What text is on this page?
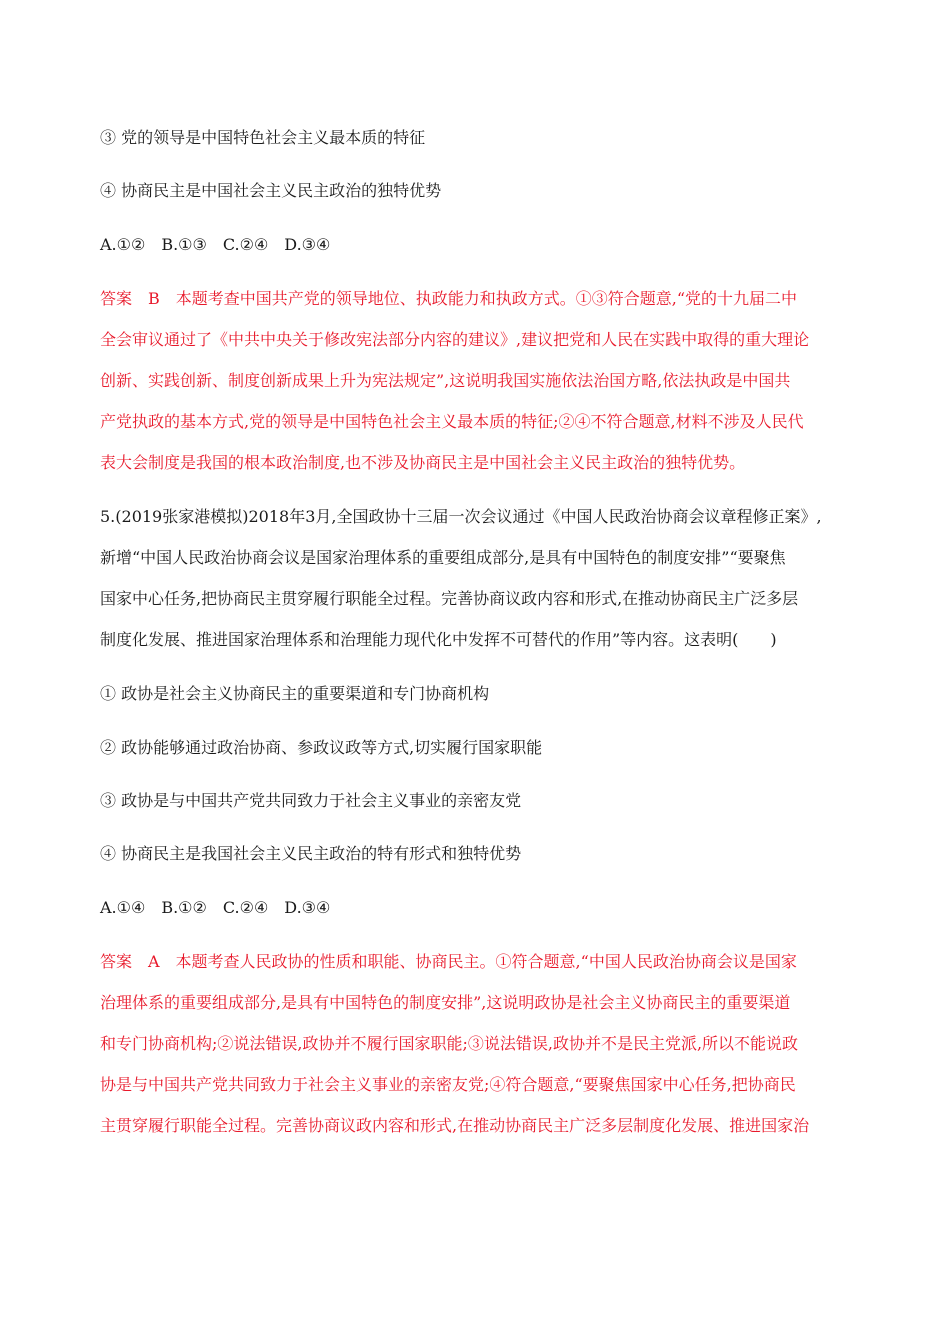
③ 党的领导是中国特色社会主义最本质的特征

④ 协商民主是中国社会主义民主政治的独特优势

A.①②　B.①③　C.②④　D.③④

答案　B　本题考查中国共产党的领导地位、执政能力和执政方式。①③符合题意,“党的十九届二中

全会审议通过了《中共中央关于修改宪法部分内容的建议》,建议把党和人民在实践中取得的重大理论

创新、实践创新、制度创新成果上升为宪法规定”,这说明我国实施依法治国方略,依法执政是中国共

产党执政的基本方式,党的领导是中国特色社会主义最本质的特征;②④不符合题意,材料不涉及人民代

表大会制度是我国的根本政治制度,也不涉及协商民主是中国社会主义民主政治的独特优势。

5.(2019张家港模拟)2018年3月,全国政协十三届一次会议通过《中国人民政治协商会议章程修正案》,

新增“中国人民政治协商会议是国家治理体系的重要组成部分,是具有中国特色的制度安排”“要聚焦

国家中心任务,把协商民主贯穿履行职能全过程。完善协商议政内容和形式,在推动协商民主广泛多层

制度化发展、推进国家治理体系和治理能力现代化中发挥不可替代的作用”等内容。这表明(　　)

① 政协是社会主义协商民主的重要渠道和专门协商机构

② 政协能够通过政治协商、参政议政等方式,切实履行国家职能

③ 政协是与中国共产党共同致力于社会主义事业的亲密友党

④ 协商民主是我国社会主义民主政治的特有形式和独特优势

A.①④　B.①②　C.②④　D.③④

答案　A　本题考查人民政协的性质和职能、协商民主。①符合题意,“中国人民政治协商会议是国家

治理体系的重要组成部分,是具有中国特色的制度安排”,这说明政协是社会主义协商民主的重要渠道

和专门协商机构;②说法错误,政协并不履行国家职能;③说法错误,政协并不是民主党派,所以不能说政

协是与中国共产党共同致力于社会主义事业的亲密友党;④符合题意,“要聚焦国家中心任务,把协商民

主贯穿履行职能全过程。完善协商议政内容和形式,在推动协商民主广泛多层制度化发展、推进国家治
